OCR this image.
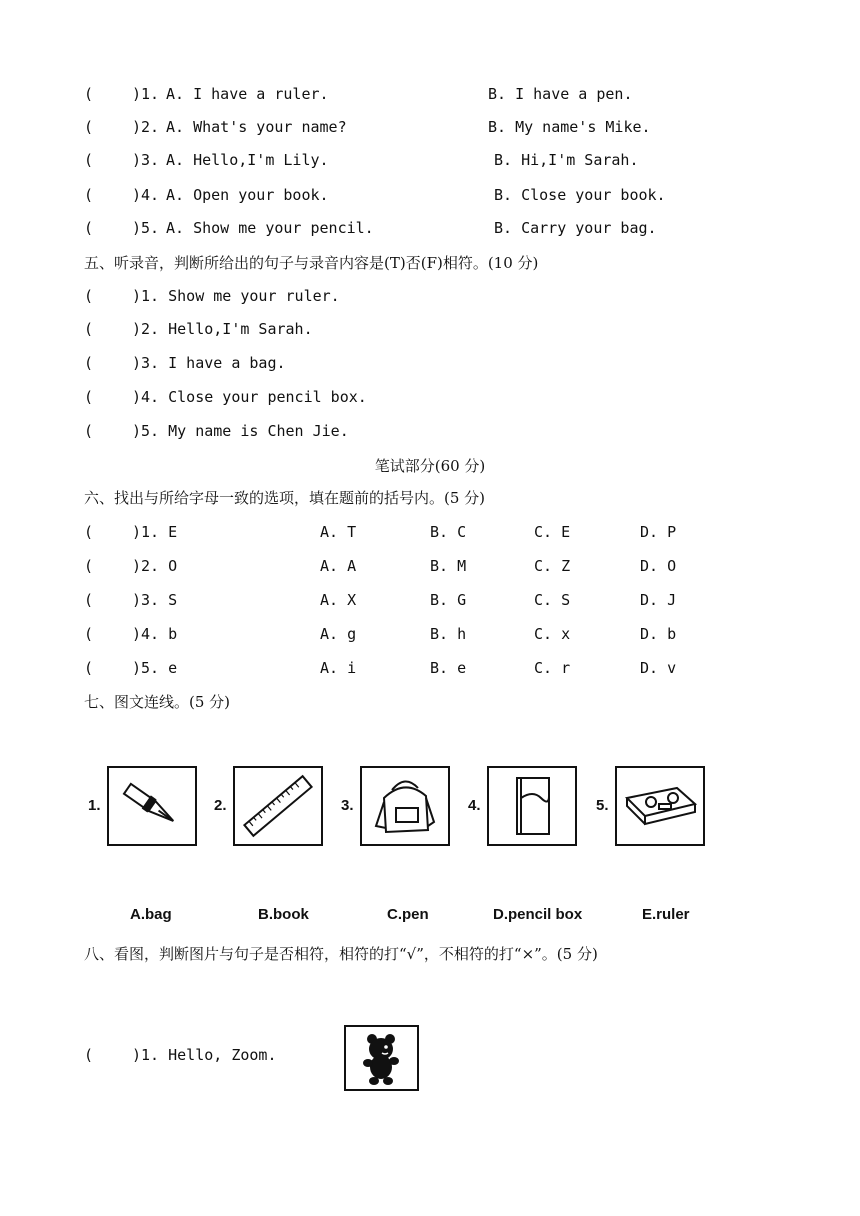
(	)1. A. I have a ruler.	B. I have a pen.
(	)2. A. What's your name?	B. My name's Mike.
(	)3. A. Hello,I'm Lily.	B. Hi,I'm Sarah.
(	)4. A. Open your book.	B. Close your book.
(	)5. A. Show me your pencil.	B. Carry your bag.
五、听录音，判断所给出的句子与录音内容是(T)否(F)相符。(10 分)
(	)1. Show me your ruler.
(	)2. Hello,I'm Sarah.
(	)3. I have a bag.
(	)4. Close your pencil box.
(	)5. My name is Chen Jie.
笔试部分(60 分)
六、找出与所给字母一致的选项，填在题前的括号内。(5 分)
(	)1. E	A. T	B. C	C. E	D. P
(	)2. O	A. A	B. M	C. Z	D. O
(	)3. S	A. X	B. G	C. S	D. J
(	)4. b	A. g	B. h	C. x	D. b
(	)5. e	A. i	B. e	C. r	D. v
七、图文连线。(5 分)
1.	2.	3.	4.	5.
A.bag	B.book	C.pen	D.pencil box	E.ruler
八、看图，判断图片与句子是否相符，相符的打“√”，不相符的打“×”。(5 分)
(	)1. Hello, Zoom.
